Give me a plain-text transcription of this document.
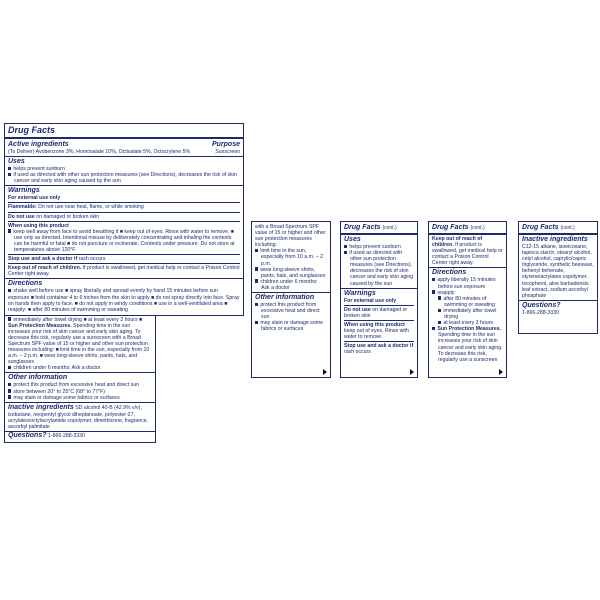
Drug Facts
Active ingredients	Purpose
(To Deliver) Avobenzone 3%, Homosalate 10%, Octisalate 5%, Octocrylene 5%	Sunscreen
Uses

helps prevent sunburn

if used as directed with other sun protection measures (see Directions), decreases the risk of skin cancer and early skin aging caused by the sun

Warnings

For external use only

Flammable: Do not use near heat, flame, or while smoking

Do not use on damaged or broken skin

When using this product

keep well away from face to avoid breathing it ■ keep out of eyes. Rinse with water to remove. ■ use only as directed. Intentional misuse by deliberately concentrating and inhaling the contents can be harmful or fatal ■ do not puncture or incinerate. Contents under pressure. Do not store at temperatures above 120°F

Stop use and ask a doctor if rash occurs

Keep out of reach of children. If product is swallowed, get medical help or contact a Poison Control Center right away.

Directions

shake well before use ■ spray liberally and spread evenly by hand 15 minutes before sun exposure ■ hold container 4 to 6 inches from the skin to apply ■ do not spray directly into face. Spray on hands then apply to face. ■ do not apply in windy conditions ■ use in a well-ventilated area ■ reapply: ■ after 80 minutes of swimming or sweating

immediately after towel drying ■ at least every 2 hours ■ Sun Protection Measures. Spending time in the sun increases your risk of skin cancer and early skin aging. To decrease this risk, regularly use a sunscreen with a Broad Spectrum SPF value of 15 or higher and other sun protection measures including: ■ limit time in the sun, especially from 10 a.m. – 2 p.m. ■ wear long-sleeve shirts, pants, hats, and sunglasses

children under 6 months: Ask a doctor

Other information

protect this product from excessive heat and direct sun

store between 20° to 25°C (68° to 77°F)

may stain or damage some fabrics or surfaces

Inactive ingredients SD alcohol 40-B (42.9% v/v), isobutane, neopentyl glycol diheptanoate, polyester-27, acrylates/octylacrylamide copolymer, dimethicone, fragrance, ascorbyl palmitate

Questions? 1-866-288-3330

with a Broad Spectrum SPF value of 15 or higher and other sun protection measures including:

limit time in the sun, especially from 10 a.m. – 2 p.m.

wear long-sleeve shirts, pants, hats, and sunglasses

children under 6 months: Ask a doctor

Other information

protect this product from excessive heat and direct sun

may stain or damage some fabrics or surfaces

Drug Facts (cont.)
Uses

helps prevent sunburn

if used as directed with other sun protection measures (see Directions), decreases the risk of skin cancer and early skin aging caused by the sun

Warnings

For external use only

Do not use on damaged or broken skin

When using this product keep out of eyes. Rinse with water to remove.

Stop use and ask a doctor if rash occurs

Drug Facts (cont.)

Keep out of reach of children. If product is swallowed, get medical help or contact a Poison Control Center right away.

Directions

apply liberally 15 minutes before sun exposure

reapply:

after 80 minutes of swimming or sweating

immediately after towel drying

at least every 2 hours

Sun Protection Measures. Spending time in the sun increases your risk of skin cancer and early skin aging. To decrease this risk, regularly use a sunscreen

Drug Facts (cont.)
Inactive ingredients

C12-15 alkane, isoeicosane, tapioca starch, stearyl alcohol, cetyl alcohol, caprylic/capric triglyceride, synthetic beeswax, behenyl behenate, styrene/acrylates copolymer, tocopherol, aloe barbadensis leaf extract, sodium ascorbyl phosphate

Questions?

1-866-288-3330
